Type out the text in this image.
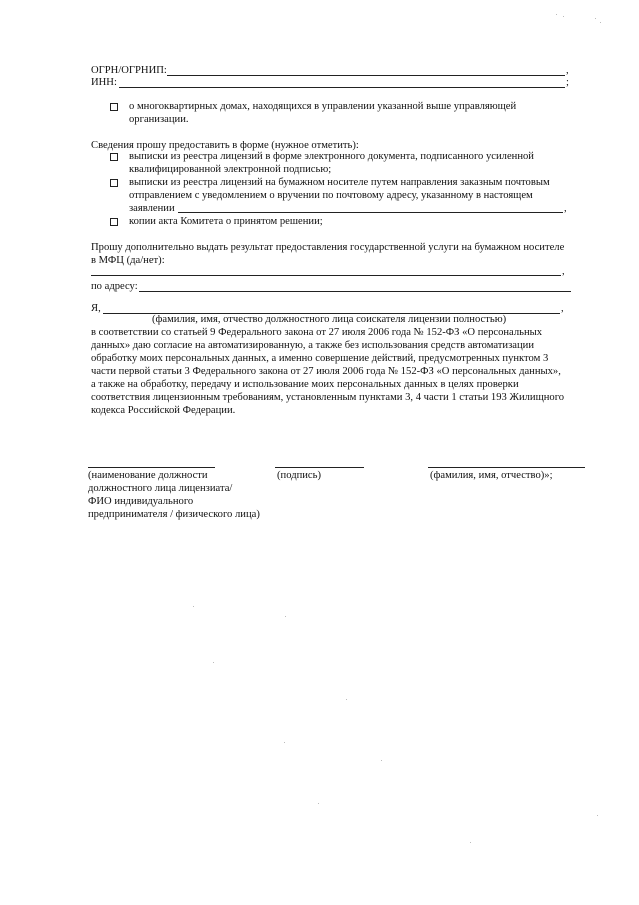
ОГРН/ОГРНИП:	,
ИНН:	;
о многоквартирных домах, находящихся в управлении указанной выше управляющей
организации.
Сведения прошу предоставить в форме (нужное отметить):
выписки из реестра лицензий в форме электронного документа, подписанного усиленной
квалифицированной электронной подписью;
выписки из реестра лицензий на бумажном носителе путем направления заказным почтовым
отправлением с уведомлением о вручении по почтовому адресу, указанному в настоящем
заявлении	,
копии акта Комитета о принятом решении;
Прошу дополнительно выдать результат предоставления государственной услуги на бумажном носителе
в МФЦ (да/нет):
,
по адресу:
Я,	,
(фамилия, имя, отчество должностного лица соискателя лицензии полностью)
в соответствии со статьей 9 Федерального закона от 27 июля 2006 года № 152-ФЗ «О персональных
данных» даю согласие на автоматизированную, а также без использования средств автоматизации
обработку моих персональных данных, а именно совершение действий, предусмотренных пунктом 3
части первой статьи 3 Федерального закона от 27 июля 2006 года № 152-ФЗ «О персональных данных»,
а также на обработку, передачу и использование моих персональных данных в целях проверки
соответствия лицензионным требованиям, установленным пунктами 3, 4 части 1 статьи 193 Жилищного
кодекса Российской Федерации.
(наименование должности
должностного лица лицензиата/
ФИО индивидуального
предпринимателя / физического лица)
(подпись)	(фамилия, имя, отчество)»;
